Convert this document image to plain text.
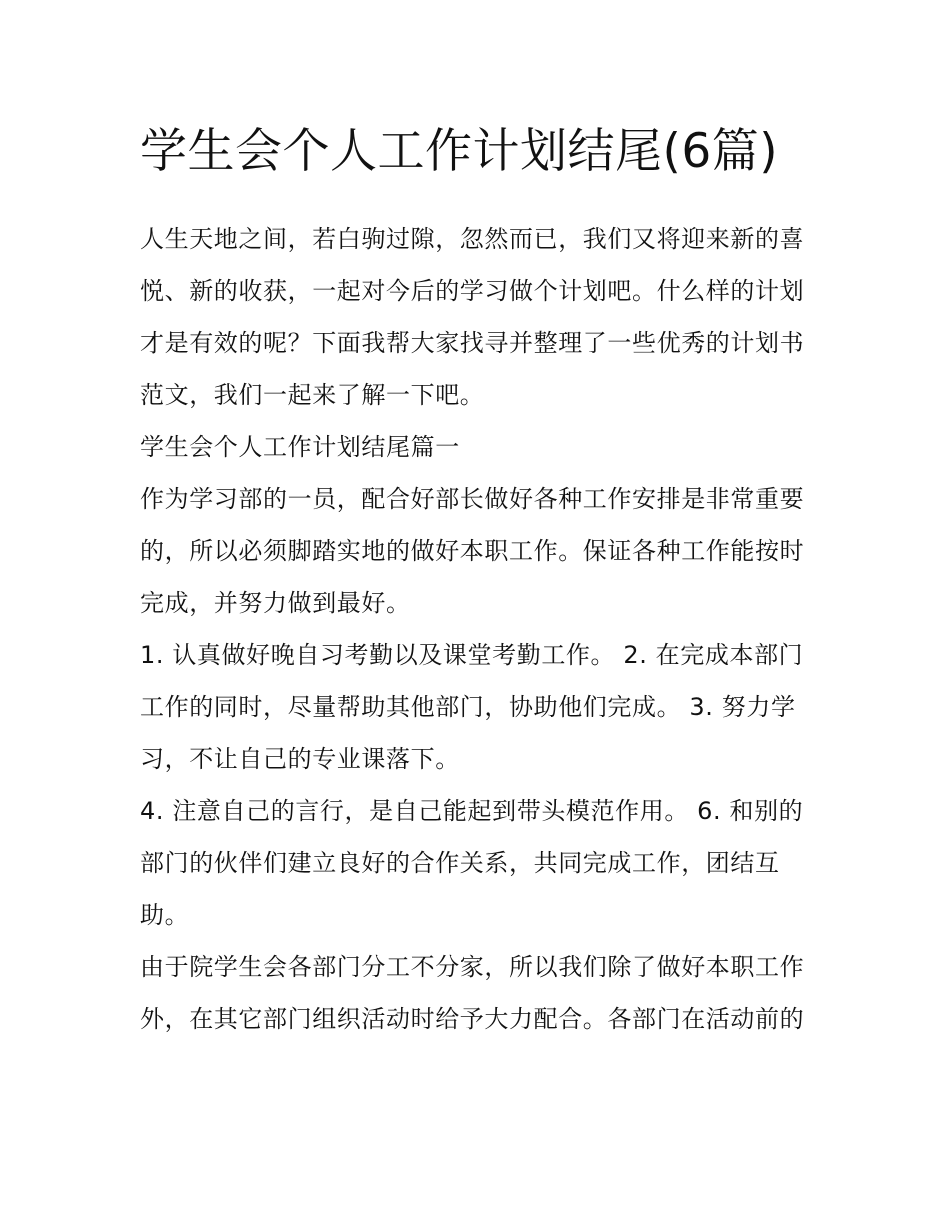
学生会个人工作计划结尾(6篇)

人生天地之间，若白驹过隙，忽然而已，我们又将迎来新的喜悦、新的收获，一起对今后的学习做个计划吧。什么样的计划才是有效的呢？下面我帮大家找寻并整理了一些优秀的计划书范文，我们一起来了解一下吧。

学生会个人工作计划结尾篇一

作为学习部的一员，配合好部长做好各种工作安排是非常重要的，所以必须脚踏实地的做好本职工作。保证各种工作能按时完成，并努力做到最好。

1. 认真做好晚自习考勤以及课堂考勤工作。 2. 在完成本部门工作的同时，尽量帮助其他部门，协助他们完成。 3. 努力学习，不让自己的专业课落下。

4. 注意自己的言行，是自己能起到带头模范作用。 6. 和别的部门的伙伴们建立良好的合作关系，共同完成工作，团结互助。

由于院学生会各部门分工不分家，所以我们除了做好本职工作外，在其它部门组织活动时给予大力配合。各部门在活动前的
